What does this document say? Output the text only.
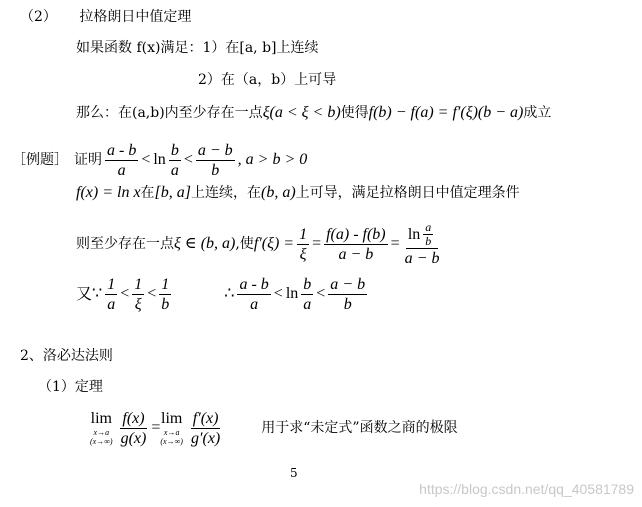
（2） 拉格朗日中值定理
如果函数 f(x)满足：1）在[a, b]上连续
2）在（a，b）上可导
那么：在(a,b)内至少存在一点ξ(a < ξ < b)使得f(b) − f(a) = f′(ξ)(b − a)成立
［例题］ 证明 $\frac{a - b}{a} < \ln \frac{b}{a} < \frac{a - b}{b}$ , a > b > 0
f(x) = ln x在[b, a]上连续，在(b, a)上可导，满足拉格朗日中值定理条件
则至少存在一点 ξ ∈ (b, a) ,使 $f'(\xi) = \frac{1}{\xi} = \frac{f(a) - f(b)}{a - b} = \frac{\ln \frac{a}{b}}{a - b}$
又 ∵ $\frac{1}{a} < \frac{1}{\xi} < \frac{1}{b}$	∴ $\frac{a - b}{a} < \ln \frac{b}{a} < \frac{a - b}{b}$
2、洛必达法则
（1）定理
lim
x→a
$(x\to\infty) \frac{f(x)}{g(x)}$ =
lim
x→a
$(x\to\infty) \frac{f'(x)}{g'(x)}$	用于求“未定式”函数之商的极限
5
https://blog.csdn.net/qq_40581789
